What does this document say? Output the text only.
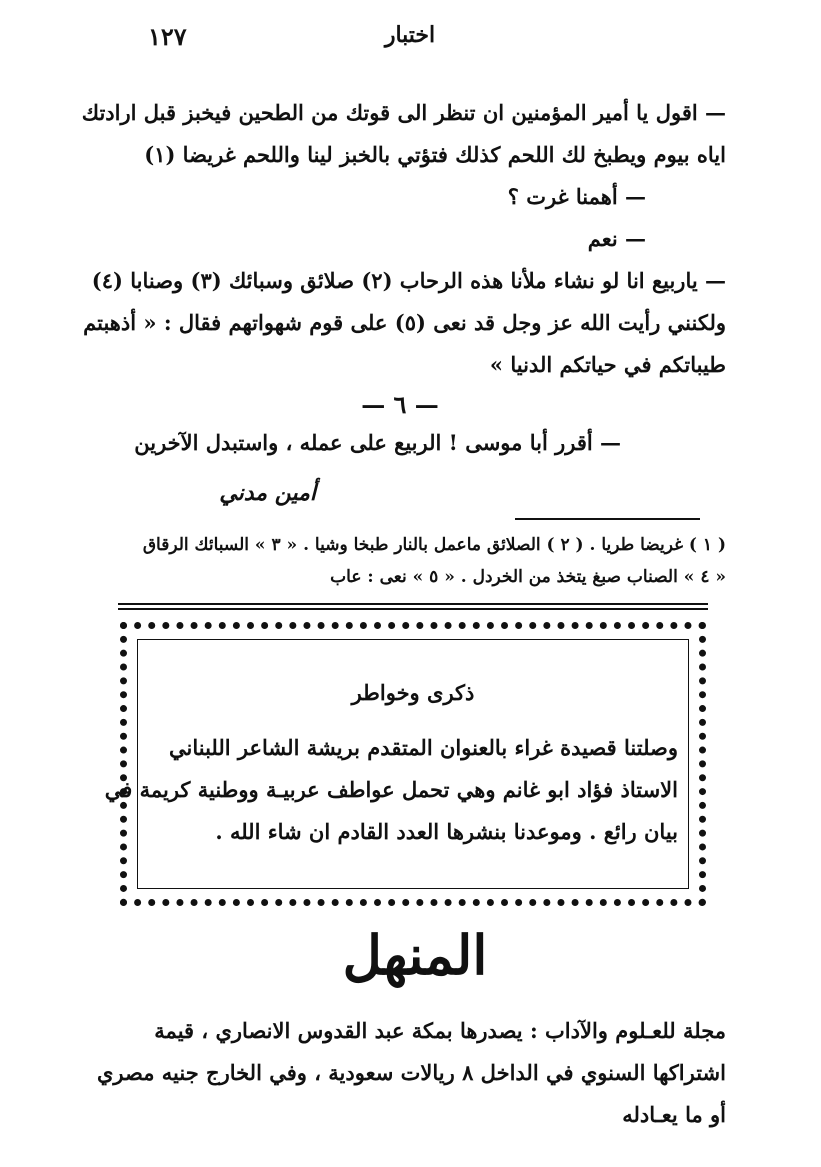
١٢٧	اختبار
— اقول يا أمير المؤمنين ان تنظر الى قوتك من الطحين فيخبز قبل ارادتك
اياه بيوم ويطبخ لك اللحم كذلك فتؤتي بالخبز لينا واللحم غريضا (١)
— أهمنا غرت ؟
— نعم
— ياربيع انا لو نشاء ملأنا هذه الرحاب (٢) صلائق وسبائك (٣) وصنابا (٤)
ولكنني رأيت الله عز وجل قد نعى (٥) على قوم شهواتهم فقال : « أذهبتم
طيباتكم في حياتكم الدنيا »
— ٦ —
— أقرر أبا موسى ! الربيع على عمله ، واستبدل الآخرين
أمين مدني
( ١ ) غريضا طريا . ( ٢ ) الصلائق ماعمل بالنار طبخا وشيا . « ٣ » السبائك الرقاق
« ٤ » الصناب صبغ يتخذ من الخردل . « ٥ » نعى : عاب
ذكرى وخواطر
وصلتنا قصيدة غراء بالعنوان المتقدم بريشة الشاعر اللبناني
الاستاذ فؤاد ابو غانم وهي تحمل عواطف عربيـة ووطنية كريمة في
بيان رائع . وموعدنا بنشرها العدد القادم ان شاء الله .
المنهل
مجلة للعـلوم والآداب : يصدرها بمكة عبد القدوس الانصاري ، قيمة
اشتراكها السنوي في الداخل ٨ ريالات سعودية ، وفي الخارج جنيه مصري
أو ما يعـادله
